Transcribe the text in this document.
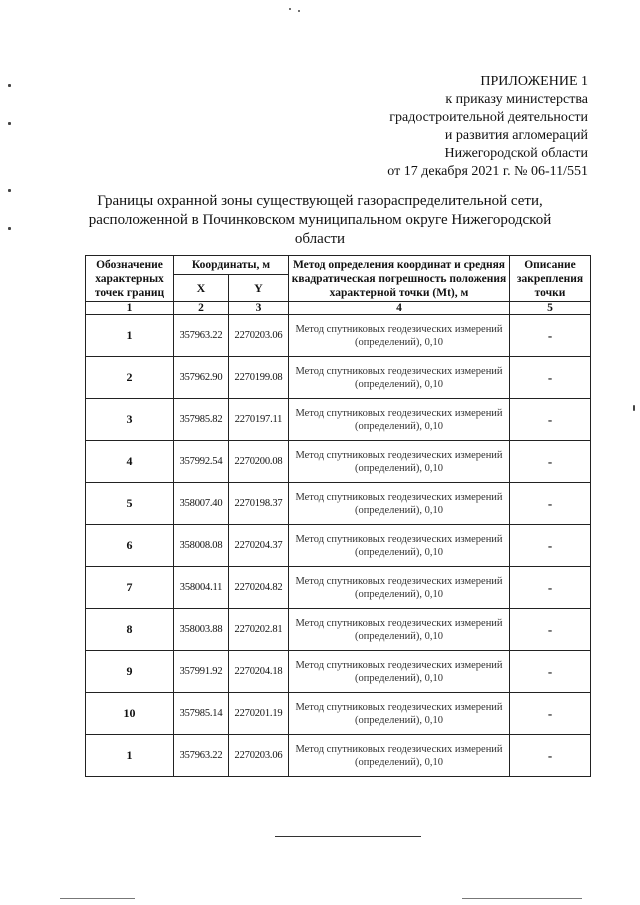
ПРИЛОЖЕНИЕ 1
к приказу министерства
градостроительной деятельности
и развития агломераций
Нижегородской области
от 17 декабря 2021 г. № 06-11/551
Границы охранной зоны существующей газораспределительной сети,
расположенной в Починковском муниципальном округе Нижегородской
области
Обозначение характерных точек границ	Координаты, м		Метод определения координат и средняя квадратическая погрешность положения характерной точки (Mt), м	Описание закрепления точки
	X	Y		
1	2	3	4	5
1	357963.22	2270203.06	Метод спутниковых геодезических измерений (определений), 0,10	-
2	357962.90	2270199.08	Метод спутниковых геодезических измерений (определений), 0,10	-
3	357985.82	2270197.11	Метод спутниковых геодезических измерений (определений), 0,10	-
4	357992.54	2270200.08	Метод спутниковых геодезических измерений (определений), 0,10	-
5	358007.40	2270198.37	Метод спутниковых геодезических измерений (определений), 0,10	-
6	358008.08	2270204.37	Метод спутниковых геодезических измерений (определений), 0,10	-
7	358004.11	2270204.82	Метод спутниковых геодезических измерений (определений), 0,10	-
8	358003.88	2270202.81	Метод спутниковых геодезических измерений (определений), 0,10	-
9	357991.92	2270204.18	Метод спутниковых геодезических измерений (определений), 0,10	-
10	357985.14	2270201.19	Метод спутниковых геодезических измерений (определений), 0,10	-
1	357963.22	2270203.06	Метод спутниковых геодезических измерений (определений), 0,10	-
